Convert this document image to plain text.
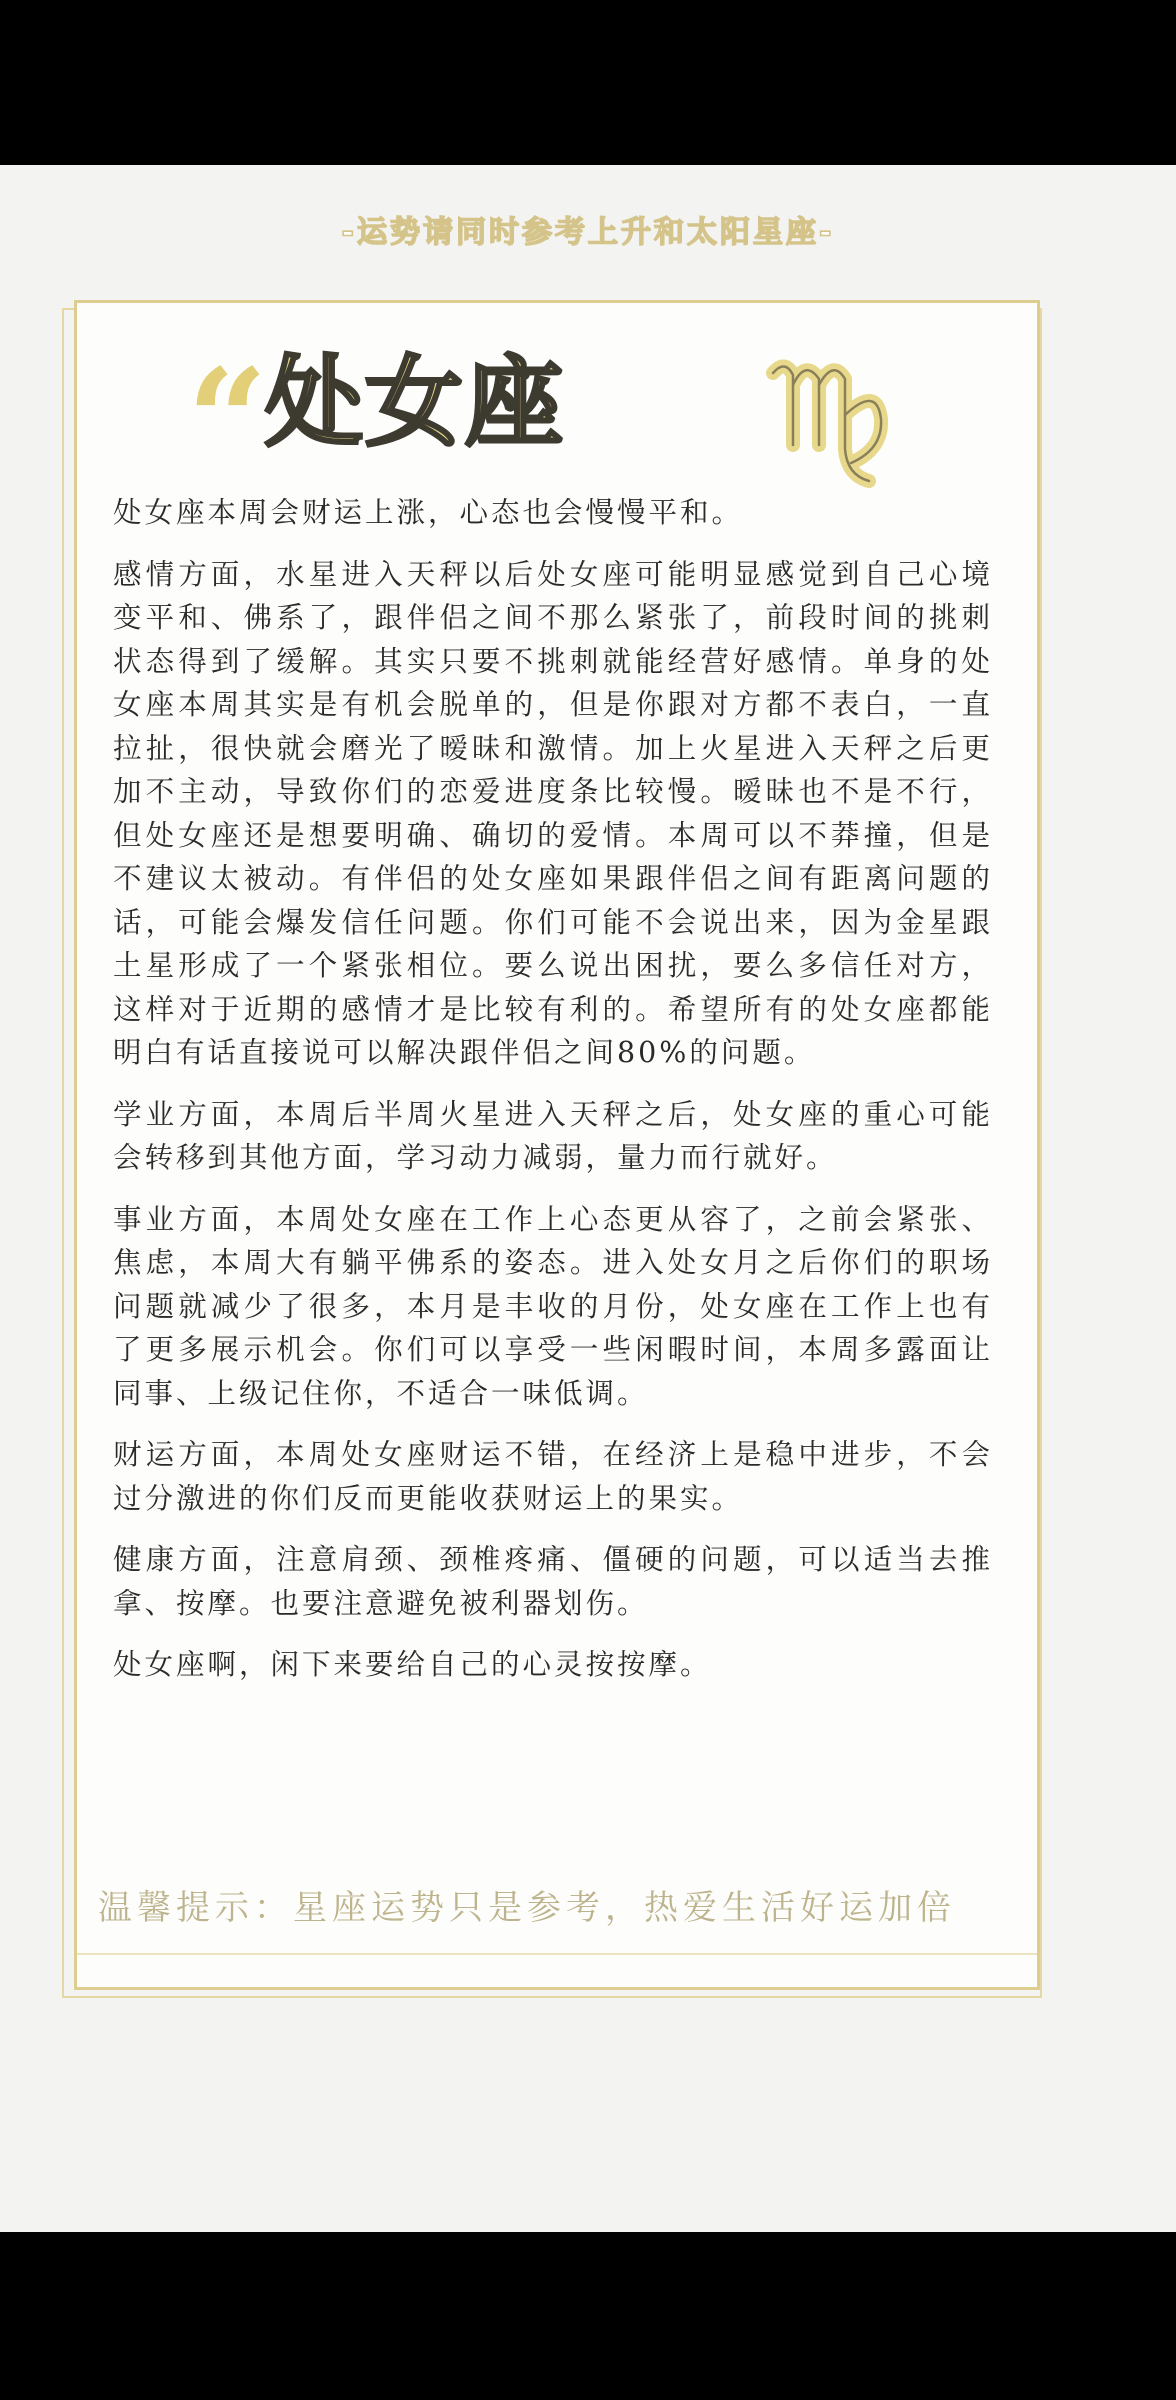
-运势请同时参考上升和太阳星座-
“
处女座

处女座本周会财运上涨，心态也会慢慢平和。

感情方面，水星进入天秤以后处女座可能明显感觉到自己心境变平和、佛系了，跟伴侣之间不那么紧张了，前段时间的挑刺状态得到了缓解。其实只要不挑刺就能经营好感情。单身的处女座本周其实是有机会脱单的，但是你跟对方都不表白，一直拉扯，很快就会磨光了暧昧和激情。加上火星进入天秤之后更加不主动，导致你们的恋爱进度条比较慢。暧昧也不是不行，但处女座还是想要明确、确切的爱情。本周可以不莽撞，但是不建议太被动。有伴侣的处女座如果跟伴侣之间有距离问题的话，可能会爆发信任问题。你们可能不会说出来，因为金星跟土星形成了一个紧张相位。要么说出困扰，要么多信任对方，这样对于近期的感情才是比较有利的。希望所有的处女座都能明白有话直接说可以解决跟伴侣之间80%的问题。

学业方面，本周后半周火星进入天秤之后，处女座的重心可能会转移到其他方面，学习动力减弱，量力而行就好。

事业方面，本周处女座在工作上心态更从容了，之前会紧张、焦虑，本周大有躺平佛系的姿态。进入处女月之后你们的职场问题就减少了很多，本月是丰收的月份，处女座在工作上也有了更多展示机会。你们可以享受一些闲暇时间，本周多露面让同事、上级记住你，不适合一味低调。

财运方面，本周处女座财运不错，在经济上是稳中进步，不会过分激进的你们反而更能收获财运上的果实。

健康方面，注意肩颈、颈椎疼痛、僵硬的问题，可以适当去推拿、按摩。也要注意避免被利器划伤。

处女座啊，闲下来要给自己的心灵按按摩。

温馨提示：星座运势只是参考，热爱生活好运加倍
